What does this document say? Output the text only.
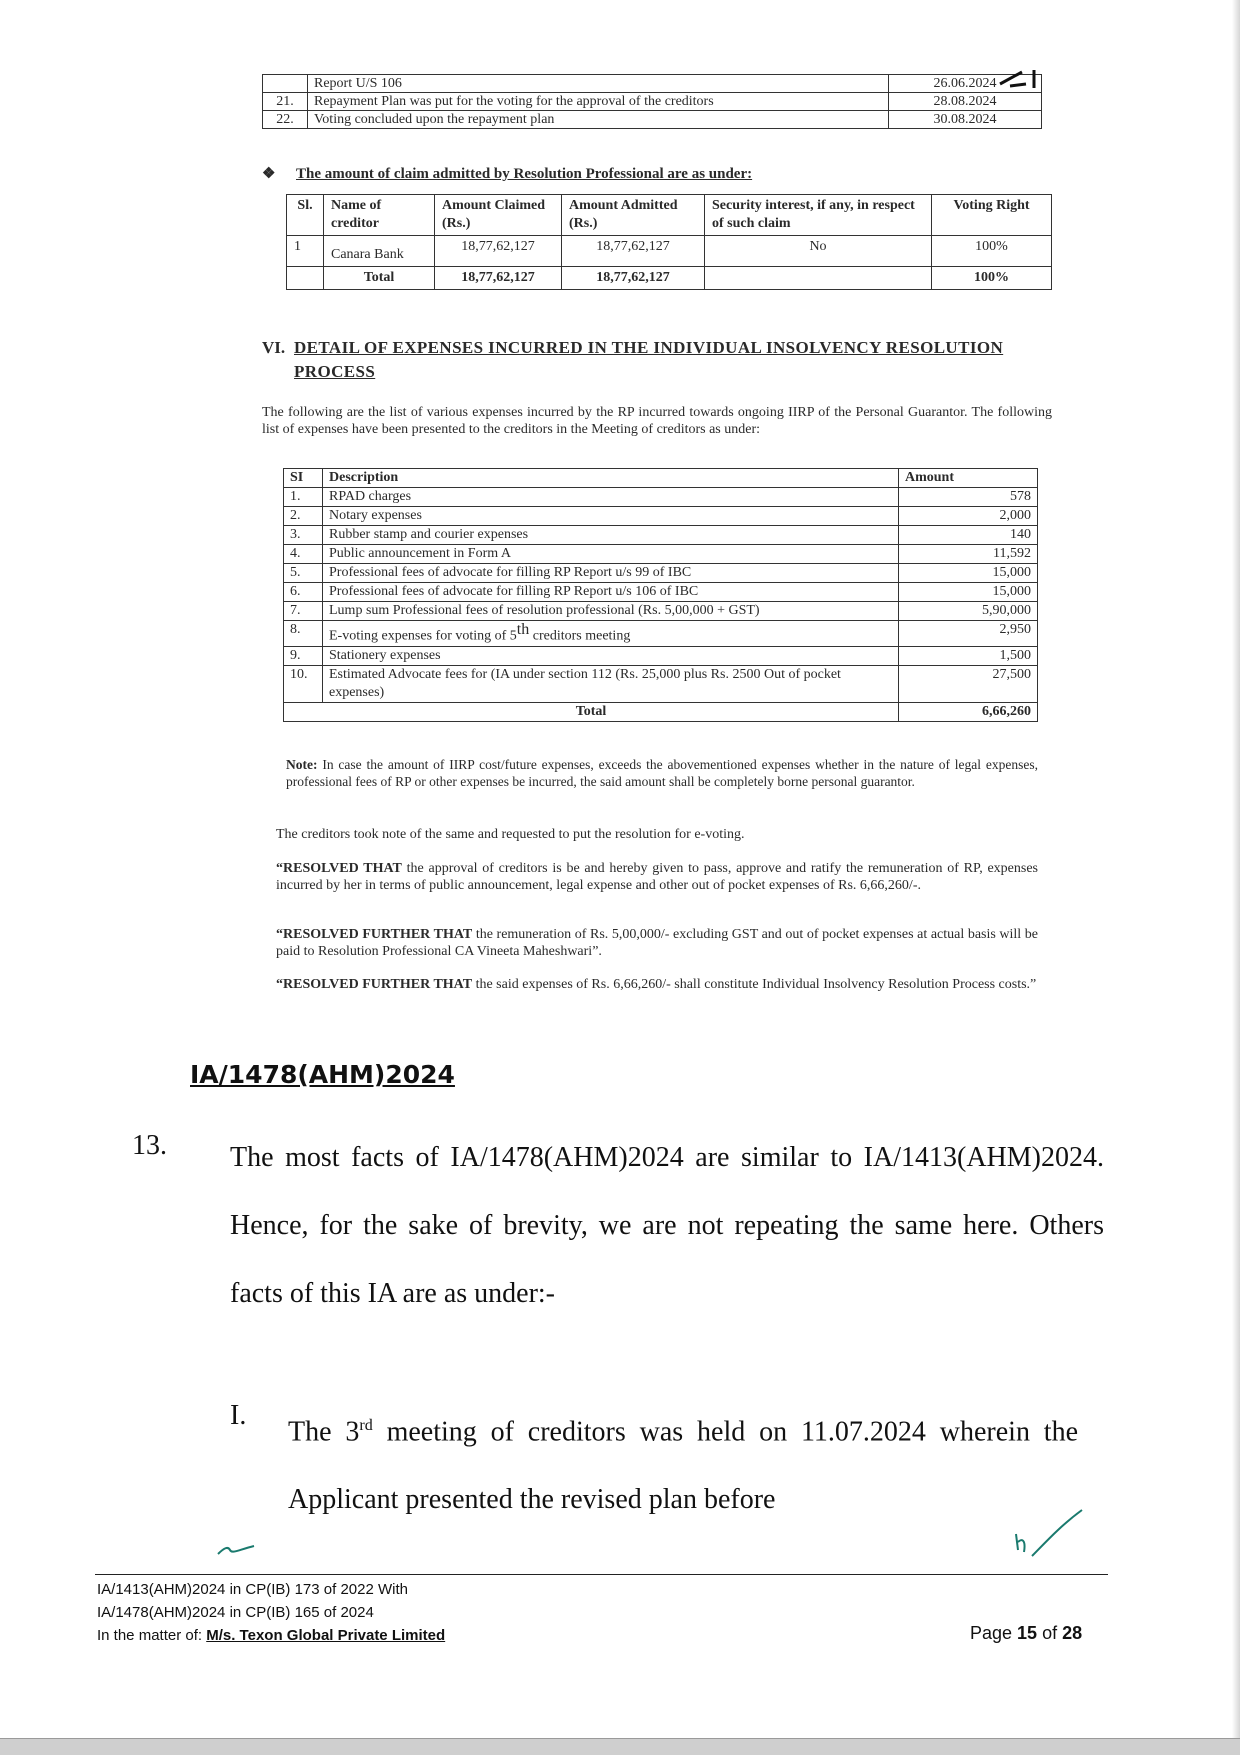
	Report U/S 106	26.06.2024
21.	Repayment Plan was put for the voting for the approval of the creditors	28.08.2024
22.	Voting concluded upon the repayment plan	30.08.2024
❖ The amount of claim admitted by Resolution Professional are as under:
Sl.	Name of creditor	Amount Claimed (Rs.)	Amount Admitted (Rs.)	Security interest, if any, in respect of such claim	Voting Right
1	Canara Bank	18,77,62,127	18,77,62,127	No	100%
	Total	18,77,62,127	18,77,62,127		100%
VI. DETAIL OF EXPENSES INCURRED IN THE INDIVIDUAL INSOLVENCY RESOLUTION PROCESS
The following are the list of various expenses incurred by the RP incurred towards ongoing IIRP of the Personal Guarantor. The following list of expenses have been presented to the creditors in the Meeting of creditors as under:
SI	Description	Amount
1.	RPAD charges	578
2.	Notary expenses	2,000
3.	Rubber stamp and courier expenses	140
4.	Public announcement in Form A	11,592
5.	Professional fees of advocate for filling RP Report u/s 99 of IBC	15,000
6.	Professional fees of advocate for filling RP Report u/s 106 of IBC	15,000
7.	Lump sum Professional fees of resolution professional (Rs. 5,00,000 + GST)	5,90,000
8.	E-voting expenses for voting of 5th creditors meeting	2,950
9.	Stationery expenses	1,500
10.	Estimated Advocate fees for (IA under section 112 (Rs. 25,000 plus Rs. 2500 Out of pocket expenses)	27,500
Total		6,66,260
Note: In case the amount of IIRP cost/future expenses, exceeds the abovementioned expenses whether in the nature of legal expenses, professional fees of RP or other expenses be incurred, the said amount shall be completely borne personal guarantor.
The creditors took note of the same and requested to put the resolution for e-voting.
“RESOLVED THAT the approval of creditors is be and hereby given to pass, approve and ratify the remuneration of RP, expenses incurred by her in terms of public announcement, legal expense and other out of pocket expenses of Rs. 6,66,260/-.
“RESOLVED FURTHER THAT the remuneration of Rs. 5,00,000/- excluding GST and out of pocket expenses at actual basis will be paid to Resolution Professional CA Vineeta Maheshwari”.
“RESOLVED FURTHER THAT the said expenses of Rs. 6,66,260/- shall constitute Individual Insolvency Resolution Process costs.”
IA/1478(AHM)2024
13. The most facts of IA/1478(AHM)2024 are similar to IA/1413(AHM)2024. Hence, for the sake of brevity, we are not repeating the same here. Others facts of this IA are as under:-
I.
The 3rd meeting of creditors was held on 11.07.2024 wherein the Applicant presented the revised plan before
IA/1413(AHM)2024 in CP(IB) 173 of 2022 With
IA/1478(AHM)2024 in CP(IB) 165 of 2024
In the matter of: M/s. Texon Global Private Limited	Page 15 of 28
